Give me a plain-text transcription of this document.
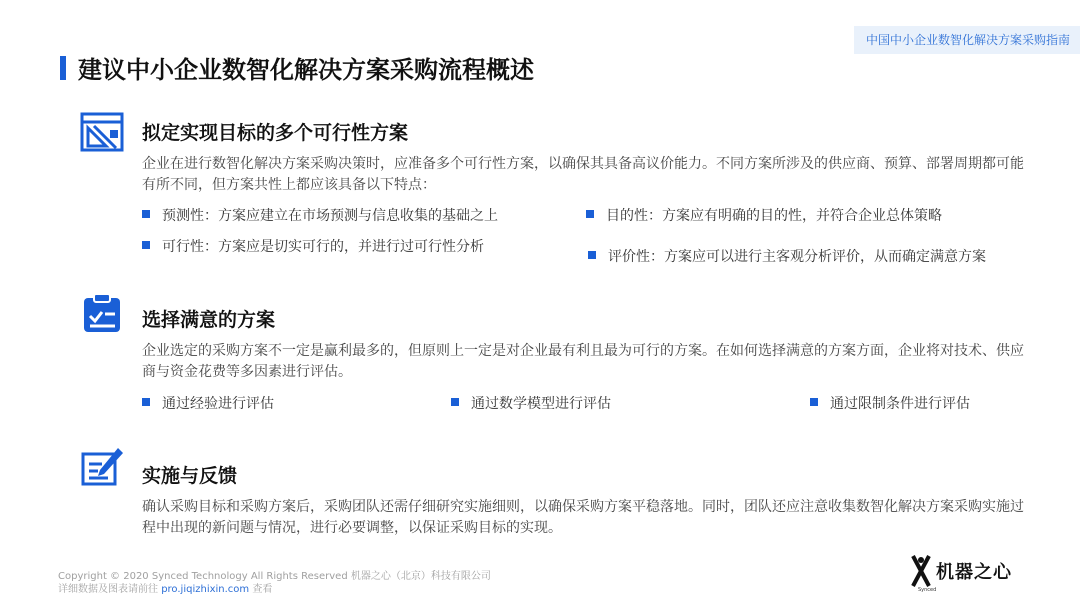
中国中小企业数智化解决方案采购指南
建议中小企业数智化解决方案采购流程概述
拟定实现目标的多个可行性方案
企业在进行数智化解决方案采购决策时，应准备多个可行性方案，以确保其具备高议价能力。不同方案所涉及的供应商、预算、部署周期都可能有所不同，但方案共性上都应该具备以下特点：
预测性：方案应建立在市场预测与信息收集的基础之上	目的性：方案应有明确的目的性，并符合企业总体策略
可行性：方案应是切实可行的，并进行过可行性分析
评价性：方案应可以进行主客观分析评价，从而确定满意方案
选择满意的方案
企业选定的采购方案不一定是赢利最多的，但原则上一定是对企业最有利且最为可行的方案。在如何选择满意的方案方面，企业将对技术、供应商与资金花费等多因素进行评估。
通过经验进行评估	通过数学模型进行评估	通过限制条件进行评估
实施与反馈
确认采购目标和采购方案后，采购团队还需仔细研究实施细则，以确保采购方案平稳落地。同时，团队还应注意收集数智化解决方案采购实施过程中出现的新问题与情况，进行必要调整，以保证采购目标的实现。
Copyright © 2020 Synced Technology All Rights Reserved 机器之心（北京）科技有限公司
详细数据及图表请前往 pro.jiqizhixin.com 查看
机器之心
Synced
